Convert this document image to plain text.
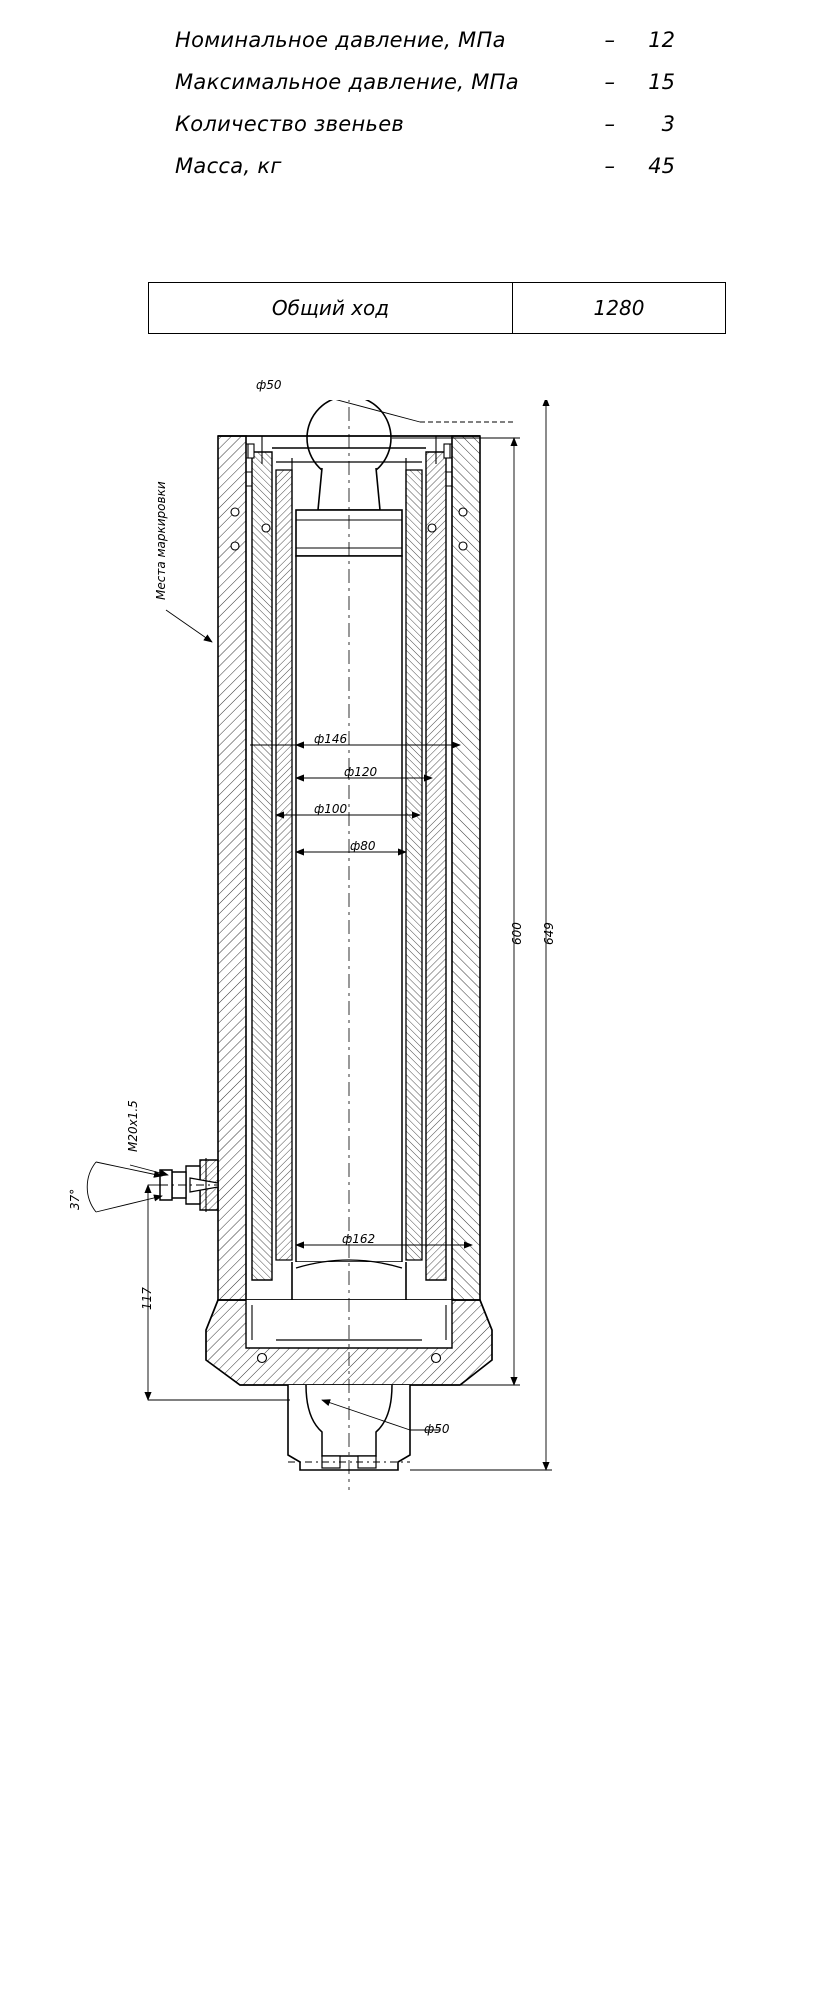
Номинальное давление, МПа	–	12
Максимальное давление, МПа	–	15
Количество звеньев	–	3
Масса, кг	–	45
Общий ход	1280
ф50
ф146
ф120
ф100
ф80
ф162
ф50
Места маркировки
M20x1.5
37°
117
600 649
